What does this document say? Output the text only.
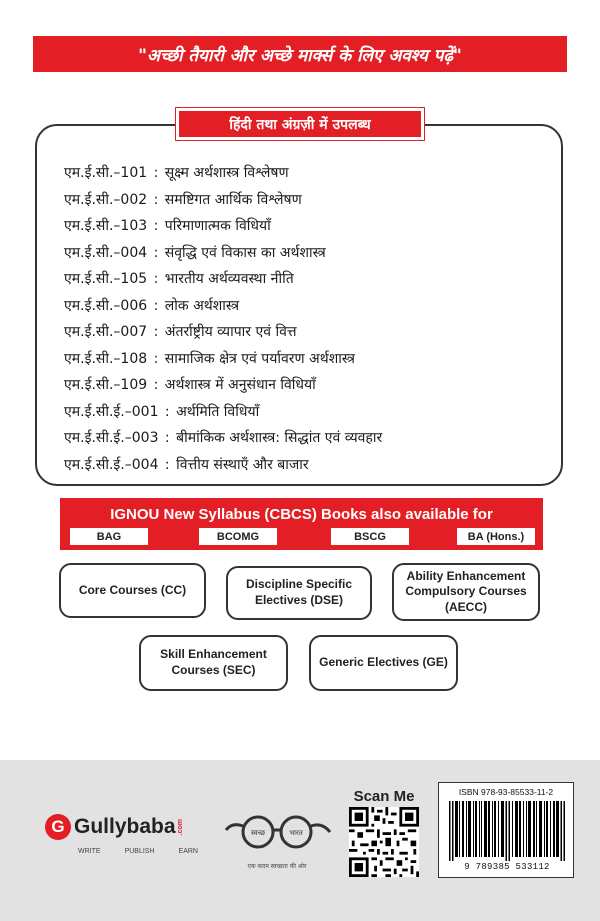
"अच्छी तैयारी और अच्छे मार्क्स के लिए अवश्य पढ़ें"
हिंदी तथा अंग्रज़ी में उपलब्ध
एम.ई.सी.–101 : सूक्ष्म अर्थशास्त्र विश्लेषण
एम.ई.सी.–002 : समष्टिगत आर्थिक विश्लेषण
एम.ई.सी.–103 : परिमाणात्मक विधियाँ
एम.ई.सी.–004 : संवृद्धि एवं विकास का अर्थशास्त्र
एम.ई.सी.–105 : भारतीय अर्थव्यवस्था नीति
एम.ई.सी.–006 : लोक अर्थशास्त्र
एम.ई.सी.–007 : अंतर्राष्ट्रीय व्यापार एवं वित्त
एम.ई.सी.–108 : सामाजिक क्षेत्र एवं पर्यावरण अर्थशास्त्र
एम.ई.सी.–109 : अर्थशास्त्र में अनुसंधान विधियाँ
एम.ई.सी.ई.–001 : अर्थमिति विधियाँ
एम.ई.सी.ई.–003 : बीमांकिक अर्थशास्त्र: सिद्धांत एवं व्यवहार
एम.ई.सी.ई.–004 : वित्तीय संस्थाएँ और बाजार
IGNOU New Syllabus (CBCS) Books also available for
BAG	BCOMG	BSCG	BA (Hons.)
Core Courses (CC)	Discipline Specific Electives (DSE)
Ability Enhancement Compulsory Courses (AECC)
Skill Enhancement Courses (SEC)
Generic Electives (GE)
G Gullybaba .com
WRITE	PUBLISH	EARN
स्वच्छ	भारत
एक कदम स्वच्छता की ओर
Scan Me	ISBN 978-93-85533-11-2
9 789385 533112
